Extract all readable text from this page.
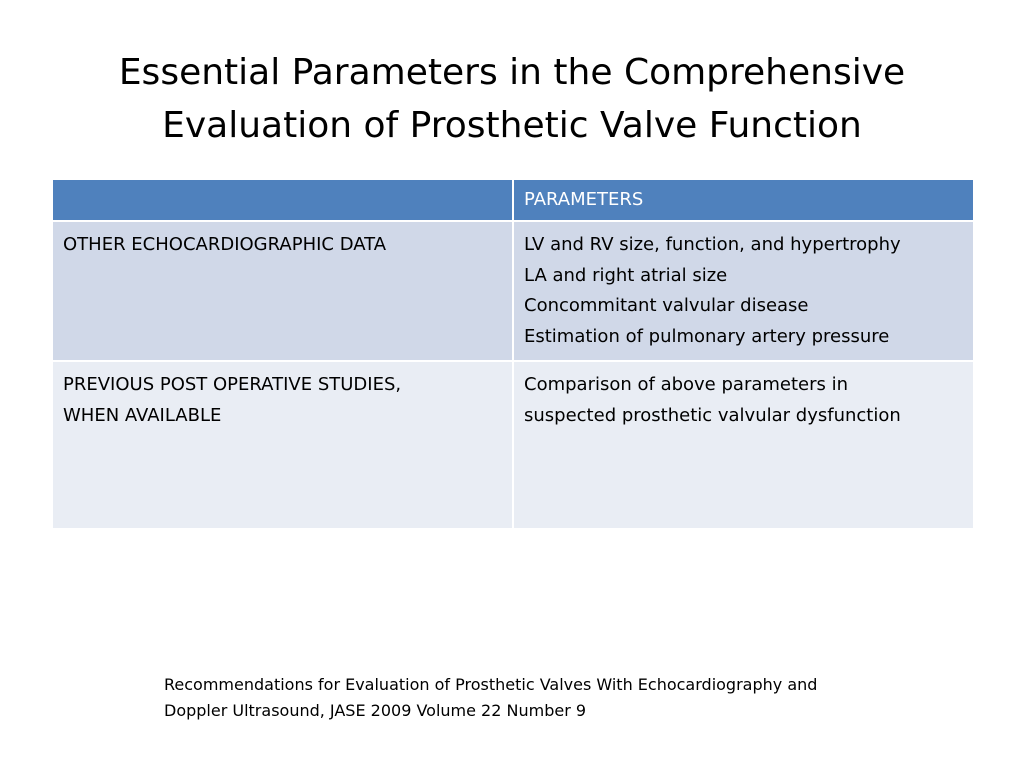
Essential Parameters in the Comprehensive
Evaluation of Prosthetic Valve Function
	PARAMETERS

OTHER ECHOCARDIOGRAPHIC DATA	LV and RV size, function, and hypertrophy
LA and right atrial size
Concommitant valvular disease
Estimation of pulmonary artery pressure

PREVIOUS POST OPERATIVE STUDIES,
WHEN AVAILABLE	Comparison of above parameters in
suspected prosthetic valvular dysfunction
Recommendations for Evaluation of Prosthetic Valves With Echocardiography and
Doppler Ultrasound, JASE 2009 Volume 22 Number 9
